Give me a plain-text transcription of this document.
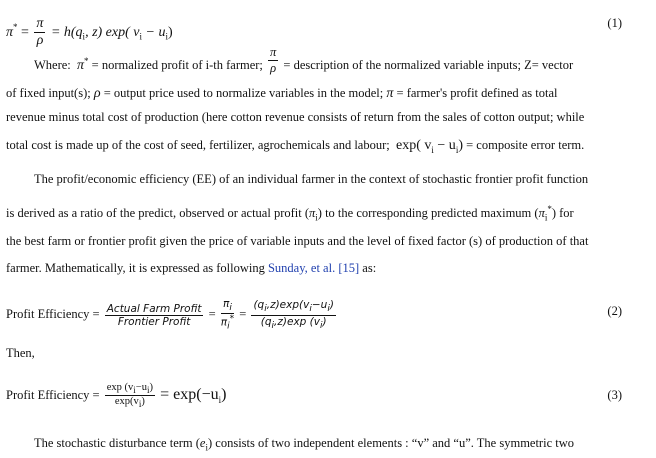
$\pi^* = \frac{\pi}{\rho} = h(q_i$, z) exp( $v_i - u_i$)
(1)
Where: π* = normalized profit of i-th farmer; $\frac{\pi}{\rho}$ = description of the normalized variable inputs; Z= vector
of fixed input(s); ρ = output price used to normalize variables in the model; π = farmer's profit defined as total
revenue minus total cost of production (here cotton revenue consists of return from the sales of cotton output; while
total cost is made up of the cost of seed, fertilizer, agrochemicals and labour; exp( $v_i - u_i$) = composite error term.
The profit/economic efficiency (EE) of an individual farmer in the context of stochastic frontier profit function
is derived as a ratio of the predict, observed or actual profit $(\pi_i)$ to the corresponding predicted maximum $(\pi_i^*)$ for
the best farm or frontier profit given the price of variable inputs and the level of fixed factor (s) of production of that
farmer. Mathematically, it is expressed as following Sunday, et al. [15] as:
Profit Efficiency = $\frac{\text{Actual Farm Profit}}{\text{Frontier Profit}} = \frac{\pi_i}{\pi_i^*} = \frac{(q_i,z)\exp(v_i-u_i)}{(q_i,z)\exp (v_i)}$	(2)
Then,
Profit Efficiency = $\frac{\exp (v_i-u_i)}{\exp(v_i)} = \exp(-u_i)$	(3)
The stochastic disturbance term $(e_i)$ consists of two independent elements : “v” and “u”. The symmetric two
